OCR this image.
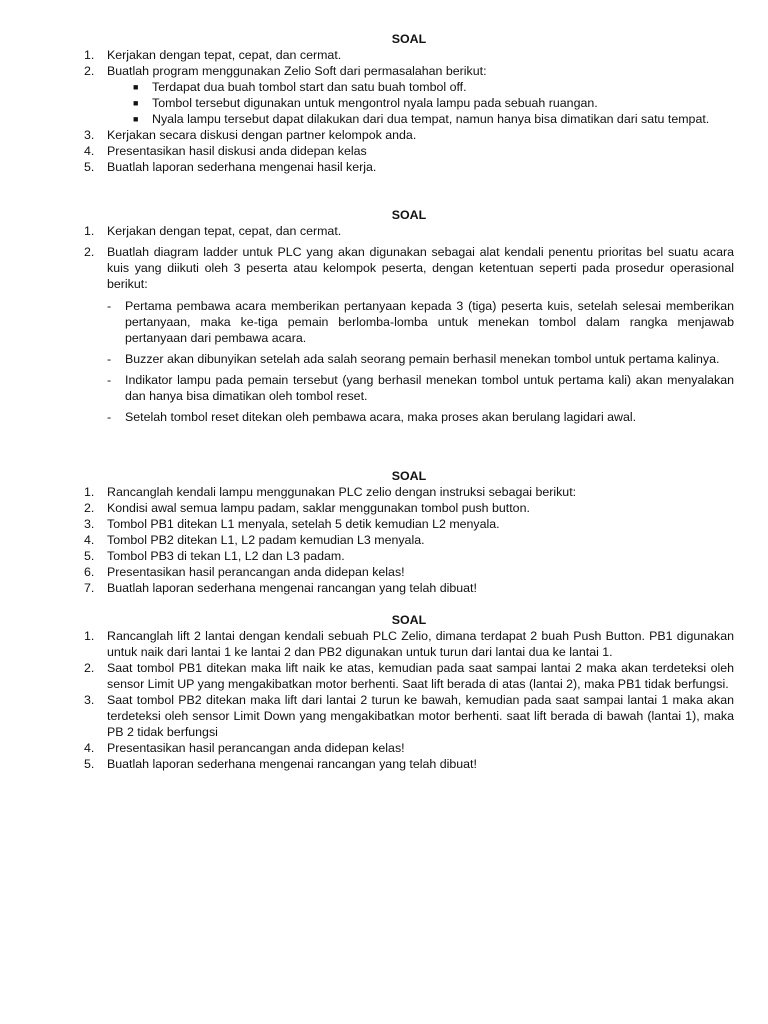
SOAL
1.	Kerjakan dengan tepat, cepat, dan cermat.
2.	Buatlah program menggunakan Zelio Soft dari permasalahan berikut:
■	Terdapat dua buah tombol start dan satu buah tombol off.
■	Tombol tersebut digunakan untuk mengontrol nyala lampu pada sebuah ruangan.
■	Nyala lampu tersebut dapat dilakukan dari dua tempat, namun hanya bisa dimatikan dari satu tempat.
3.	Kerjakan secara diskusi dengan partner kelompok anda.
4.	Presentasikan hasil diskusi anda didepan kelas
5.	Buatlah laporan sederhana mengenai hasil kerja.
SOAL
1.	Kerjakan dengan tepat, cepat, dan cermat.
2.	Buatlah diagram ladder untuk PLC yang akan digunakan sebagai alat kendali penentu prioritas bel suatu acara kuis yang diikuti oleh 3 peserta atau kelompok peserta, dengan ketentuan seperti pada prosedur operasional berikut:
-	Pertama pembawa acara memberikan pertanyaan kepada 3 (tiga) peserta kuis, setelah selesai memberikan pertanyaan, maka ke-tiga pemain berlomba-lomba untuk menekan tombol dalam rangka menjawab pertanyaan dari pembawa acara.
-	Buzzer akan dibunyikan setelah ada salah seorang pemain berhasil menekan tombol untuk pertama kalinya.
-	Indikator lampu pada pemain tersebut (yang berhasil menekan tombol untuk pertama kali) akan menyalakan dan hanya bisa dimatikan oleh tombol reset.
-	Setelah tombol reset ditekan oleh pembawa acara, maka proses akan berulang lagidari awal.
SOAL
1.	Rancanglah kendali lampu menggunakan PLC zelio dengan instruksi sebagai berikut:
2.	Kondisi awal semua lampu padam, saklar menggunakan tombol push button.
3.	Tombol PB1 ditekan L1 menyala, setelah 5 detik kemudian L2 menyala.
4.	Tombol PB2 ditekan L1, L2 padam kemudian L3 menyala.
5.	Tombol PB3 di tekan L1, L2 dan L3 padam.
6.	Presentasikan hasil perancangan anda didepan kelas!
7.	Buatlah laporan sederhana mengenai rancangan yang telah dibuat!
SOAL
1.	Rancanglah lift 2 lantai dengan kendali sebuah PLC Zelio, dimana terdapat 2 buah Push Button. PB1 digunakan untuk naik dari lantai 1 ke lantai 2 dan PB2 digunakan untuk turun dari lantai dua ke lantai 1.
2.	Saat tombol PB1 ditekan maka lift naik ke atas, kemudian pada saat sampai lantai 2 maka akan terdeteksi oleh sensor Limit UP yang mengakibatkan motor berhenti. Saat lift berada di atas (lantai 2), maka PB1 tidak berfungsi.
3.	Saat tombol PB2 ditekan maka lift dari lantai 2 turun ke bawah, kemudian pada saat sampai lantai 1 maka akan terdeteksi oleh sensor Limit Down yang mengakibatkan motor berhenti. saat lift berada di bawah (lantai 1), maka PB 2 tidak berfungsi
4.	Presentasikan hasil perancangan anda didepan kelas!
5.	Buatlah laporan sederhana mengenai rancangan yang telah dibuat!
